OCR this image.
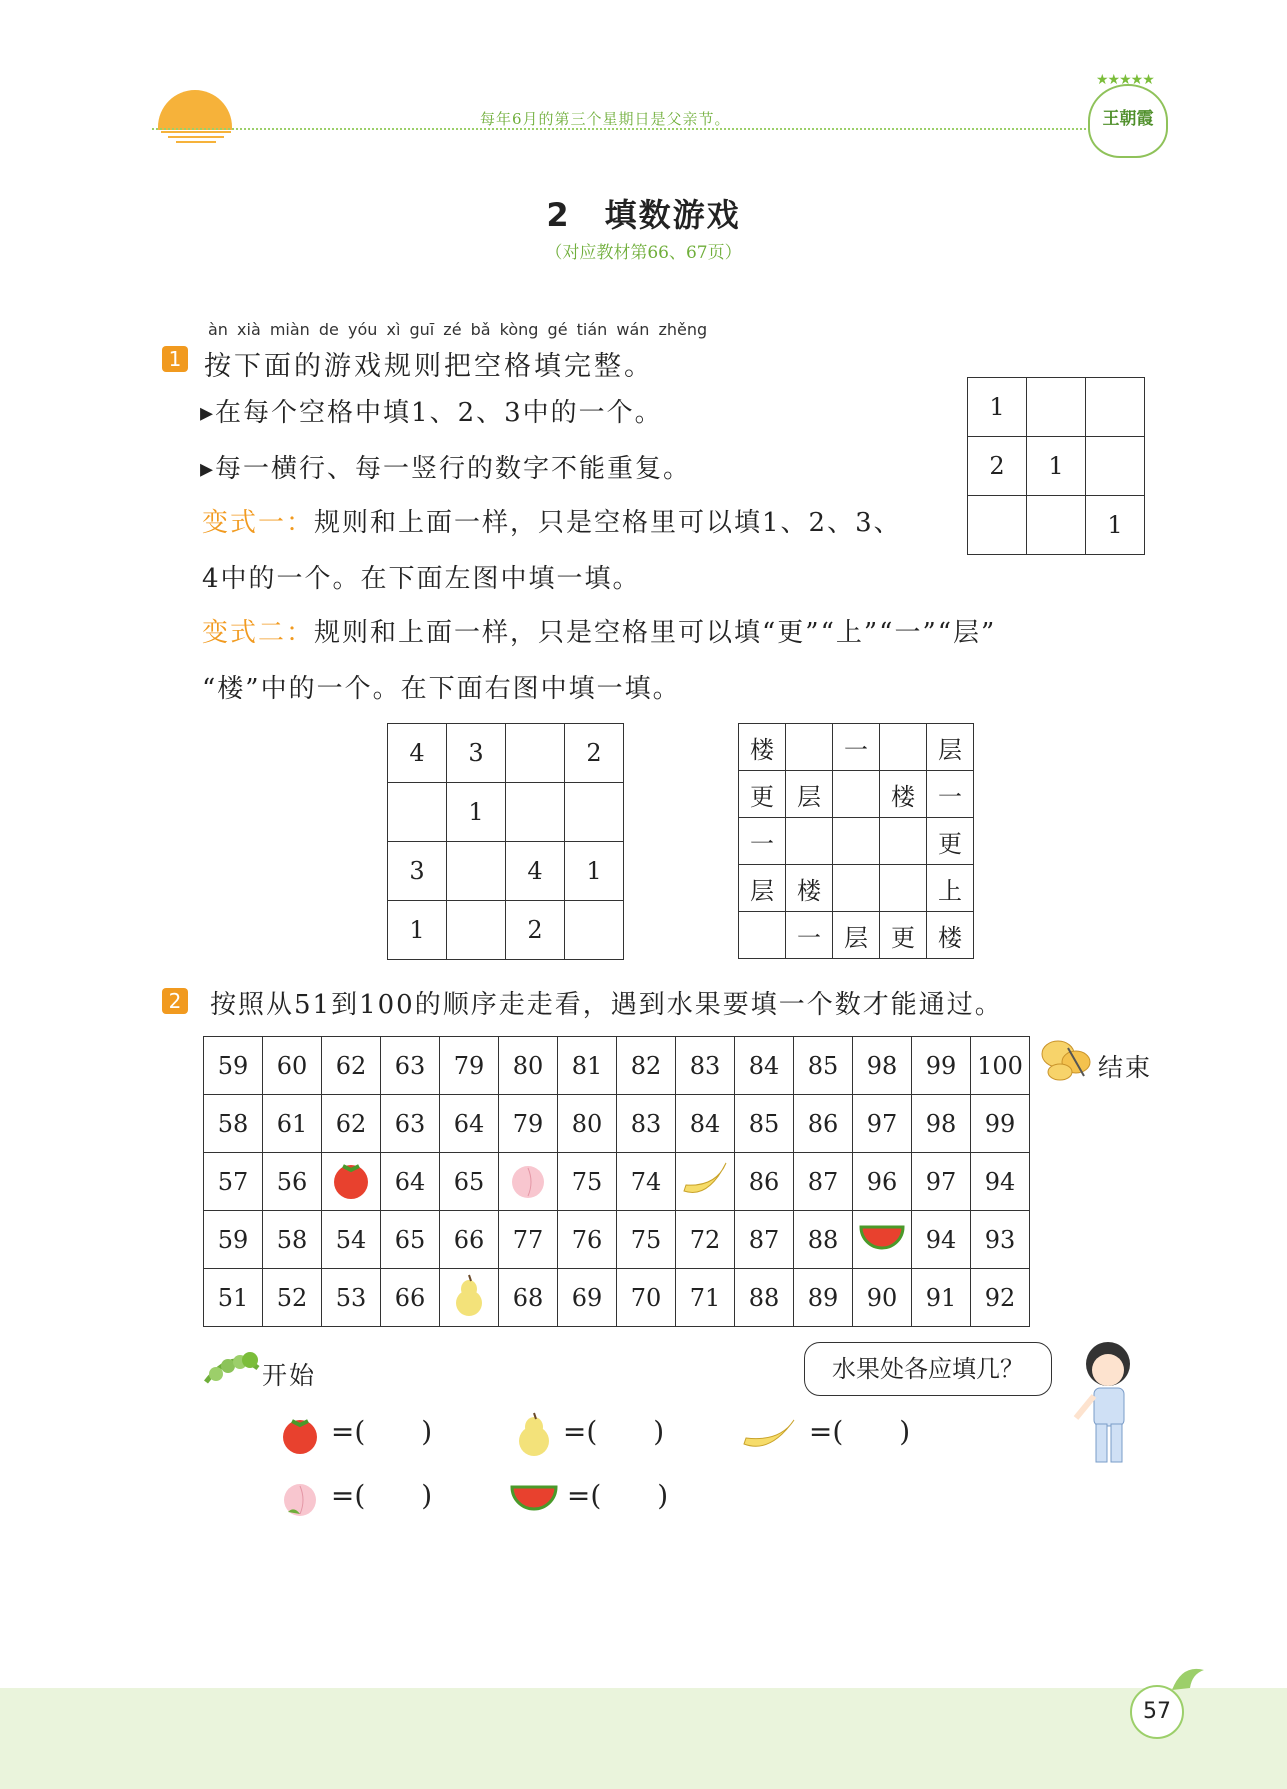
每年6月的第三个星期日是父亲节。
★★★★★
王朝霞
2　填数游戏
（对应教材第66、67页）
àn xià miàn de yóu xì guī zé bǎ kòng gé tián wán zhěng
1 按下面的游戏规则把空格填完整。
▸在每个空格中填1、2、3中的一个。
▸每一横行、每一竖行的数字不能重复。
变式一：规则和上面一样，只是空格里可以填1、2、3、
4中的一个。在下面左图中填一填。
变式二：规则和上面一样，只是空格里可以填“更”“上”“一”“层”
“楼”中的一个。在下面右图中填一填。
1		
2	1	
		1
4	3		2
	1		
3		4	1
1		2	
楼		一		层
更	层		楼	一
一				更
层	楼			上
	一	层	更	楼
2 按照从51到100的顺序走走看，遇到水果要填一个数才能通过。
59	60	62	63	79	80	81	82	83	84	85	98	99	100
58	61	62	63	64	79	80	83	84	85	86	97	98	99
57	56		64	65		75	74		86	87	96	97	94
59	58	54	65	66	77	76	75	72	87	88		94	93
51	52	53	66		68	69	70	71	88	89	90	91	92
结束
开始	水果处各应填几？
=(　　)	=(　　)	=(　　)
=(　　)	=(　　)
57
